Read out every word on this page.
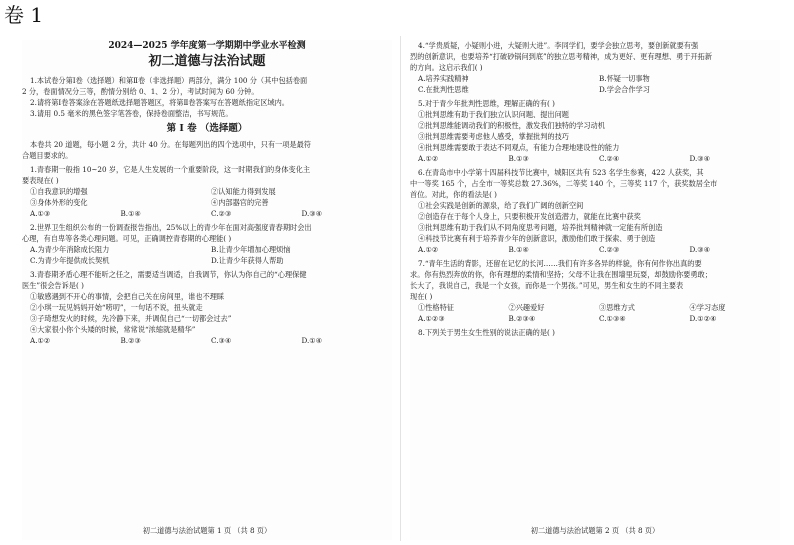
卷 1
2024—2025 学年度第一学期期中学业水平检测
初二道德与法治试题
1.本试卷分第Ⅰ卷（选择题）和第Ⅱ卷（非选择题）两部分，满分 100 分（其中包括卷面
2 分，卷面情况分三等，酌情分别给 0、1、2 分），考试时间为 60 分钟。
2.请将第Ⅰ卷答案涂在答题纸选择题答题区，将第Ⅱ卷答案写在答题纸指定区域内。
3.请用 0.5 毫米的黑色签字笔答卷，保持卷面整洁，书写规范。
第 Ⅰ 卷 （选择题）
本卷共 20 道题，每小题 2 分，共计 40 分。在每题列出的四个选项中，只有一项是最符
合题目要求的。
1.青春期一般指 10~20 岁，它是人生发展的一个重要阶段，这一时期我们的身体变化主
要表现在( )
①自我意识的增强	②认知能力得到发展
③身体外形的变化	④内部器官的完善
A.①③	B.①④	C.②③	D.③④
2.世界卫生组织公布的一份调查报告指出，25%以上的青少年在面对高强度青春期时会出
心理，有自卑等各类心理问题。可见，正确调控青春期的心理能( )
A.为青少年消除成长阻力	B.让青少年增加心理烦恼
C.为青少年提供成长契机	D.让青少年获得人帮助
3.青春期矛盾心理不能听之任之，需要适当调适，自我调节，你认为你自己的“心理保健
医生”很会告诉是( )
①敏感遇到不开心的事情，会把自己关在房间里，谁也不理睬
②小琪一玩见妈妈开始“唠叨”，一句话不说，扭头就走
③子琦想发火的时候，先冷静下来，并调侃自己“一切都会过去”
④大家很小你个头矮的时候，常常说“浓缩就是精华”
A.①②	B.②③	C.③④	D.①④
初二道德与法治试题第 1 页 （共 8 页）
4.“学贵质疑，小疑则小进，大疑则大进”。李同学们，要学会独立思考，要创新就要有强
烈的创新意识，也要培养“打破砂锅问到底”的独立思考精神，成为更好、更有理想、勇于开拓新
的方向。这启示我们( )
A.培养实践精神	B.怀疑一切事物
C.在批判性思维	D.学会合作学习
5.对于青少年批判性思维，理解正确的有( )
①批判思维有助于我们独立认识问题、提出问题
②批判思维能调动我们的积极性，激发我们独特的学习动机
③批判思维需要考虑他人感受，掌握批判的技巧
④批判思维需要敢于表达不同观点，有能力合理地建设性的能力
A.①②	B.①③	C.②④	D.③④
6.在青岛市中小学第十四届科技节比赛中，城阳区共有 523 名学生参赛，422 人获奖，其
中一等奖 165 个，占全市一等奖总数 27.36%，二等奖 140 个，三等奖 117 个，获奖数居全市
首位。对此，你的看法是( )
①社会实践是创新的源泉，给了我们广阔的创新空间
②创造存在于每个人身上，只要积极开发创造潜力，就能在比赛中获奖
③批判思维有助于我们从不同角度思考问题，培养批判精神就一定能有所创造
④科技节比赛有利于培养青少年的创新意识，激励他们敢于探索、勇于创造
A.①②	B.①④	C.②③	D.③④
7.“青年生活的背影，还留在记忆的长河……我们有许多各异的样貌，你有何作你出真的要
求。你有热烈奔放的你，你有理想的柔情和坚持；父母不让我在围墙里玩耍，却鼓励你要勇敢；
长大了，我说自己，我是一个女孩，而你是一个男孩。”可见，男生和女生的不同主要表
现在( )
①性格特征	②兴趣爱好	③思维方式	④学习态度
A.①②③	B.②③④	C.①③④	D.①②④
8.下列关于男生女生性别的说法正确的是( )
初二道德与法治试题第 2 页 （共 8 页）
